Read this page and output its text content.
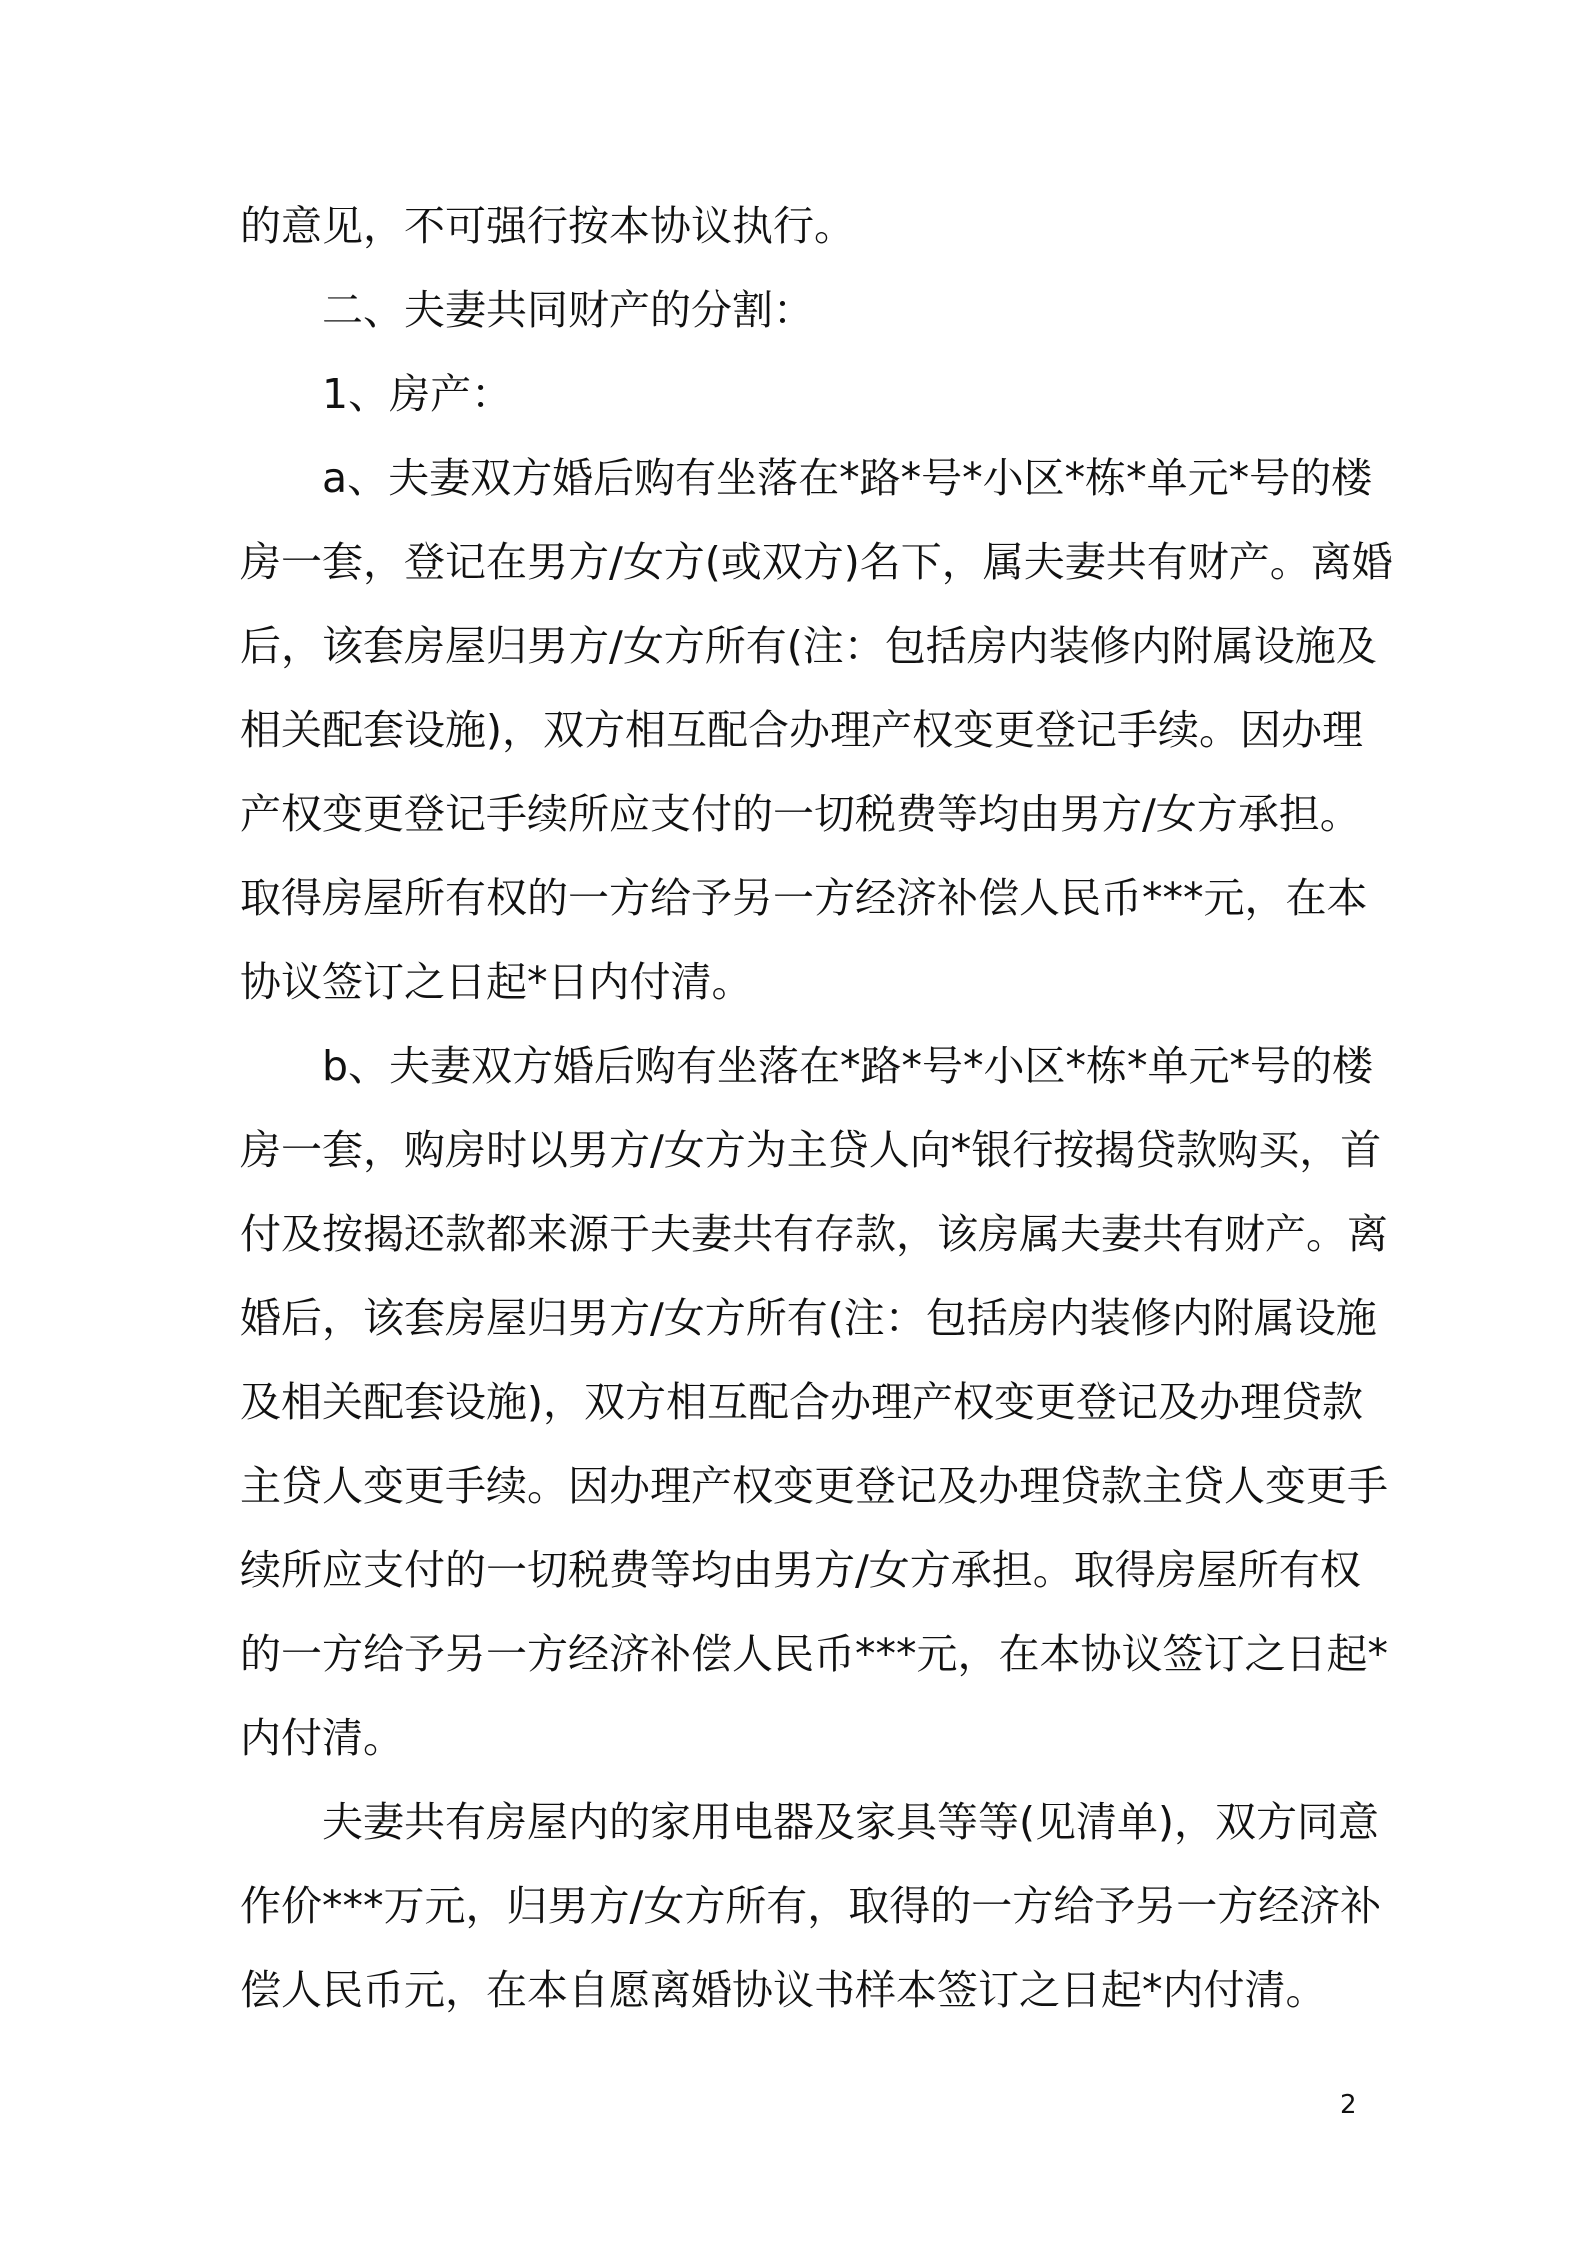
的意见，不可强行按本协议执行。
二、夫妻共同财产的分割：
1、房产：
a、夫妻双方婚后购有坐落在*路*号*小区*栋*单元*号的楼
房一套，登记在男方/女方(或双方)名下，属夫妻共有财产。离婚
后，该套房屋归男方/女方所有(注：包括房内装修内附属设施及
相关配套设施)，双方相互配合办理产权变更登记手续。因办理
产权变更登记手续所应支付的一切税费等均由男方/女方承担。
取得房屋所有权的一方给予另一方经济补偿人民币***元，在本
协议签订之日起*日内付清。
b、夫妻双方婚后购有坐落在*路*号*小区*栋*单元*号的楼
房一套，购房时以男方/女方为主贷人向*银行按揭贷款购买，首
付及按揭还款都来源于夫妻共有存款，该房属夫妻共有财产。离
婚后，该套房屋归男方/女方所有(注：包括房内装修内附属设施
及相关配套设施)，双方相互配合办理产权变更登记及办理贷款
主贷人变更手续。因办理产权变更登记及办理贷款主贷人变更手
续所应支付的一切税费等均由男方/女方承担。取得房屋所有权
的一方给予另一方经济补偿人民币***元，在本协议签订之日起*
内付清。
夫妻共有房屋内的家用电器及家具等等(见清单)，双方同意
作价***万元，归男方/女方所有，取得的一方给予另一方经济补
偿人民币元，在本自愿离婚协议书样本签订之日起*内付清。
2
